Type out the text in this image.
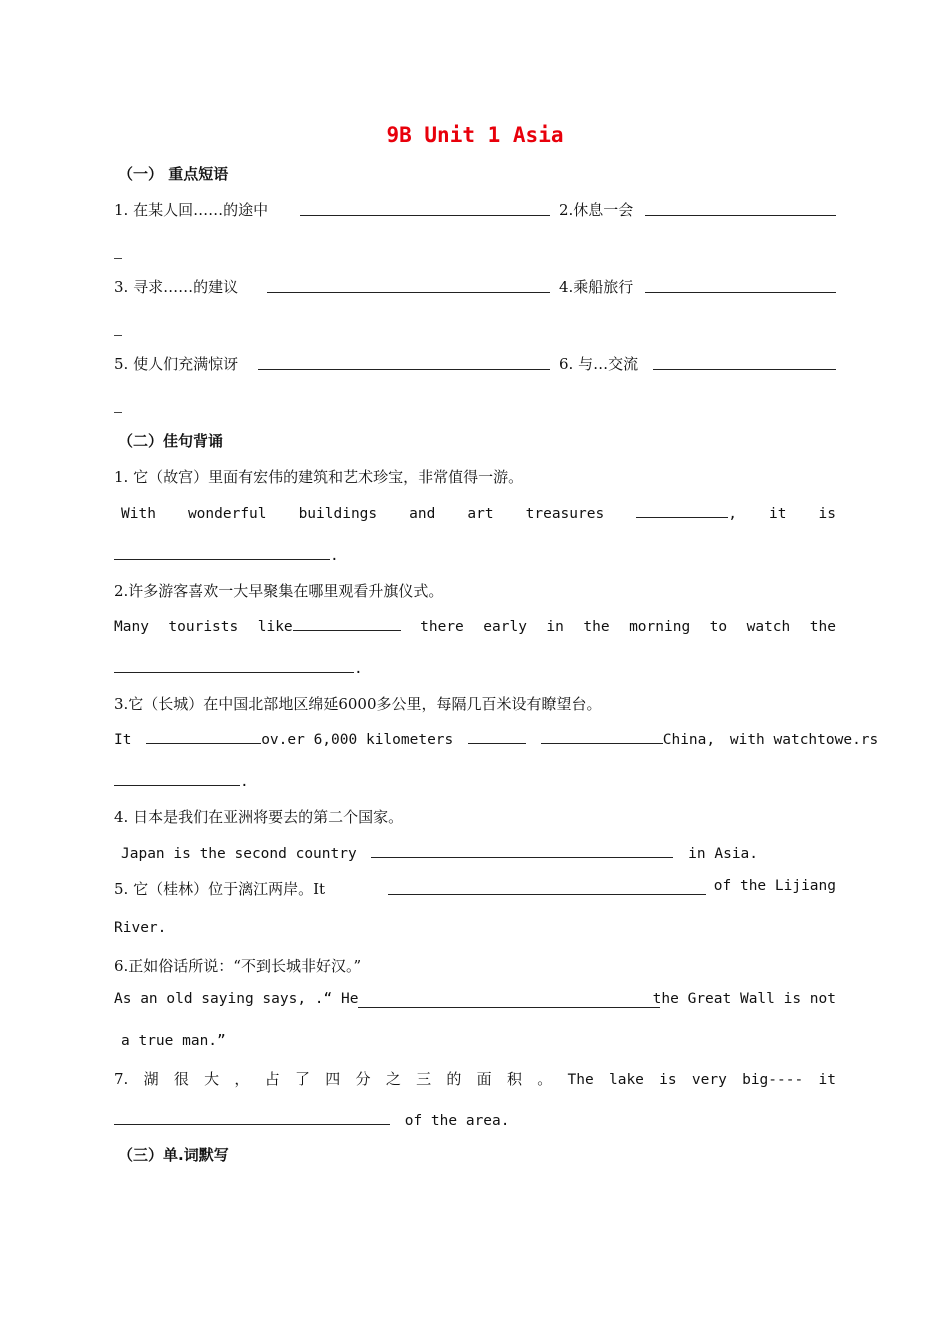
9B Unit 1 Asia
（一） 重点短语
1. 在某人回……的途中	2.休息一会
3. 寻求……的建议	4.乘船旅行
5. 使人们充满惊讶	6. 与…交流
（二）佳句背诵
1. 它（故宫）里面有宏伟的建筑和艺术珍宝，非常值得一游。
With wonderful buildings and art treasures	, it is
.
2.许多游客喜欢一大早聚集在哪里观看升旗仪式。
Many tourists like	there early in the morning to watch the
.
3.它（长城）在中国北部地区绵延6000多公里，每隔几百米设有瞭望台。
It	ov.er 6,000 kilometers	China, with watchtowe.rs
.
4. 日本是我们在亚洲将要去的第二个国家。
Japan is the second country	in Asia.
5. 它（桂林）位于漓江两岸。It	of the Lijiang
River.
6.正如俗话所说：“不到长城非好汉。”
As an old saying says, .“ He	the Great Wall is not
a true man.”
7. 湖 很 大 ， 占 了 四 分 之 三 的 面 积 。 The lake is very big---- it
of the area.
（三）单.词默写
